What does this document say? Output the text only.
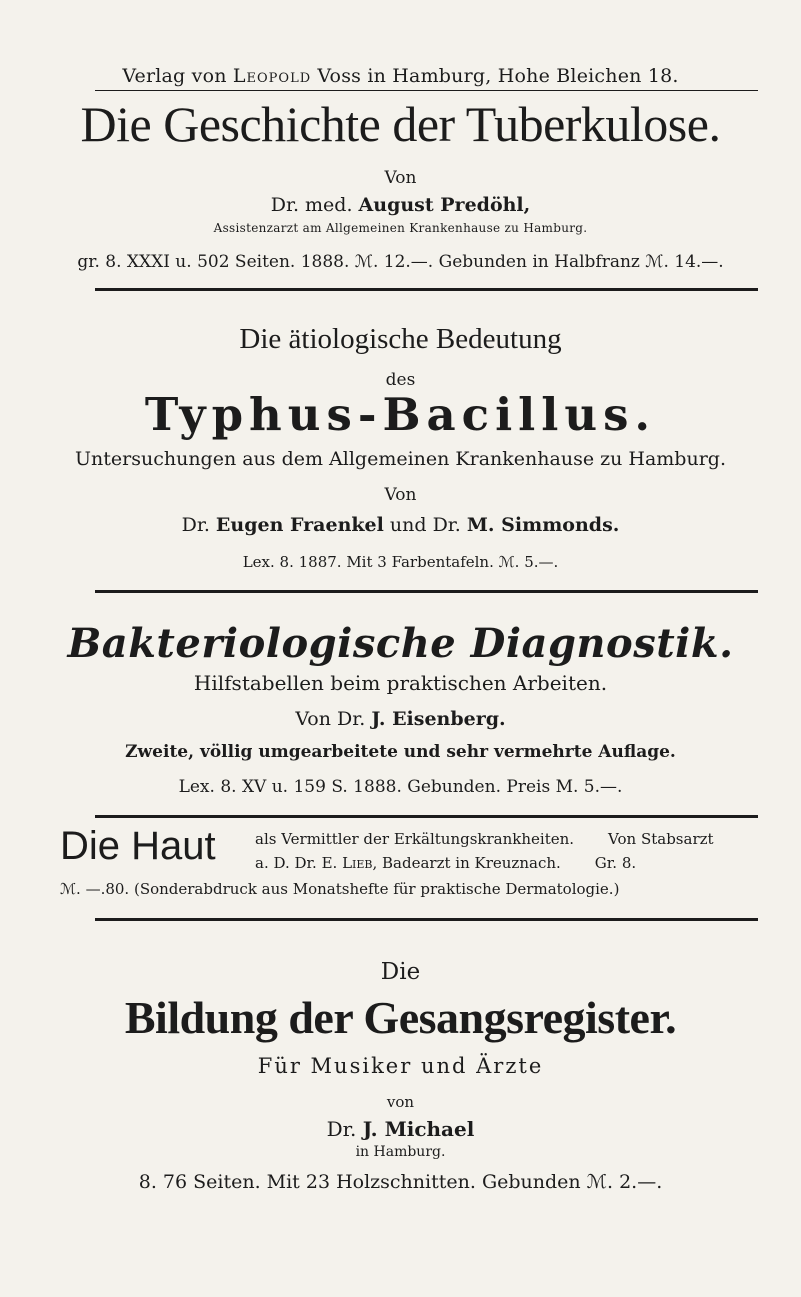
Verlag von Leopold Voss in Hamburg, Hohe Bleichen 18.
Die Geschichte der Tuberkulose.
Von
Dr. med. August Predöhl,
Assistenzarzt am Allgemeinen Krankenhause zu Hamburg.
gr. 8. XXXI u. 502 Seiten. 1888. ℳ. 12.—. Gebunden in Halbfranz ℳ. 14.—.
Die ätiologische Bedeutung
des
Typhus-Bacillus.
Untersuchungen aus dem Allgemeinen Krankenhause zu Hamburg.
Von
Dr. Eugen Fraenkel und Dr. M. Simmonds.
Lex. 8. 1887. Mit 3 Farbentafeln. ℳ. 5.—.
Bakteriologische Diagnostik.
Hilfstabellen beim praktischen Arbeiten.
Von Dr. J. Eisenberg.
Zweite, völlig umgearbeitete und sehr vermehrte Auflage.
Lex. 8. XV u. 159 S. 1888. Gebunden. Preis M. 5.—.
Die Haut	als Vermittler der Erkältungskrankheiten. Von Stabsarzt
a. D. Dr. E. Lieb, Badearzt in Kreuznach. Gr. 8.
ℳ. —.80. (Sonderabdruck aus Monatshefte für praktische Dermatologie.)
Die
Bildung der Gesangsregister.
Für Musiker und Ärzte
von
Dr. J. Michael
in Hamburg.
8. 76 Seiten. Mit 23 Holzschnitten. Gebunden ℳ. 2.—.
